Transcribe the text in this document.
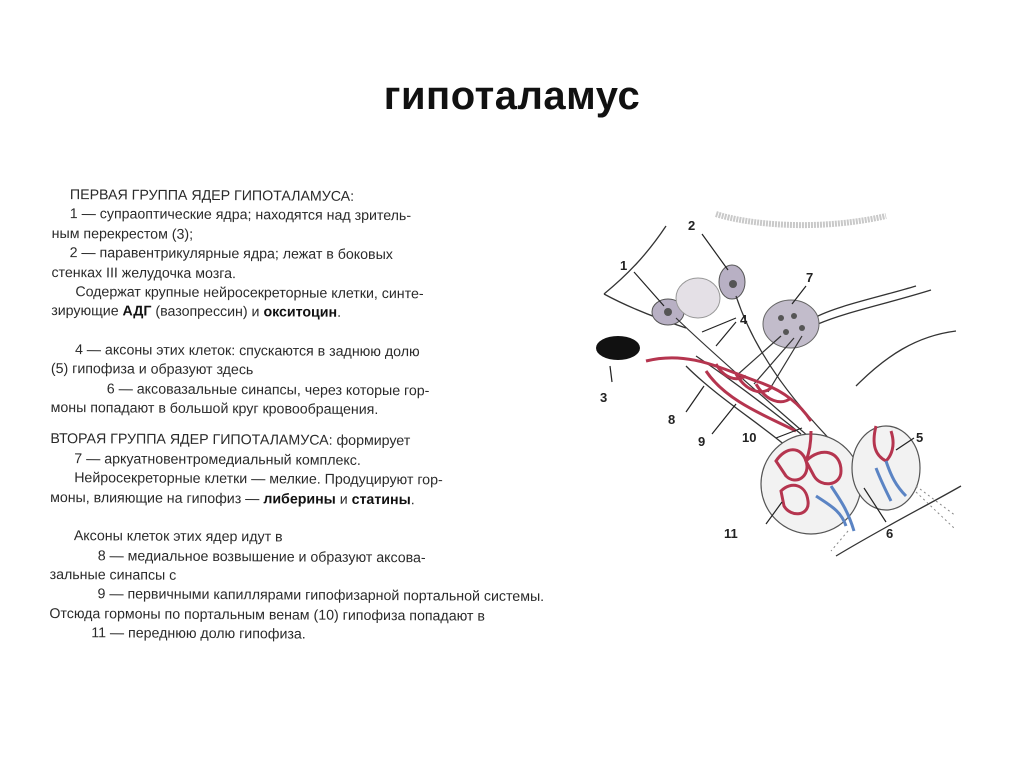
гипоталамус
ПЕРВАЯ ГРУППА ЯДЕР ГИПОТАЛАМУСА:
1 — супраоптические ядра; находятся над зритель-
ным перекрестом (3);
2 — паравентрикулярные ядра; лежат в боковых
стенках III желудочка мозга.
Содержат крупные нейросекреторные клетки, синте-
зирующие АДГ (вазопрессин) и окситоцин.
4 — аксоны этих клеток: спускаются в заднюю долю
(5) гипофиза и образуют здесь
6 — аксовазальные синапсы, через которые гор-
моны попадают в большой круг кровообращения.
ВТОРАЯ ГРУППА ЯДЕР ГИПОТАЛАМУСА: формирует
7 — аркуатновентромедиальный комплекс.
Нейросекреторные клетки — мелкие. Продуцируют гор-
моны, влияющие на гипофиз — либерины и статины.
Аксоны клеток этих ядер идут в
8 — медиальное возвышение и образуют аксова-
зальные синапсы с
9 — первичными капиллярами гипофизарной портальной системы.
Отсюда гормоны по портальным венам (10) гипофиза попадают в
11 — переднюю долю гипофиза.
1
2
3
4
5
6
7
8
9	10
11
